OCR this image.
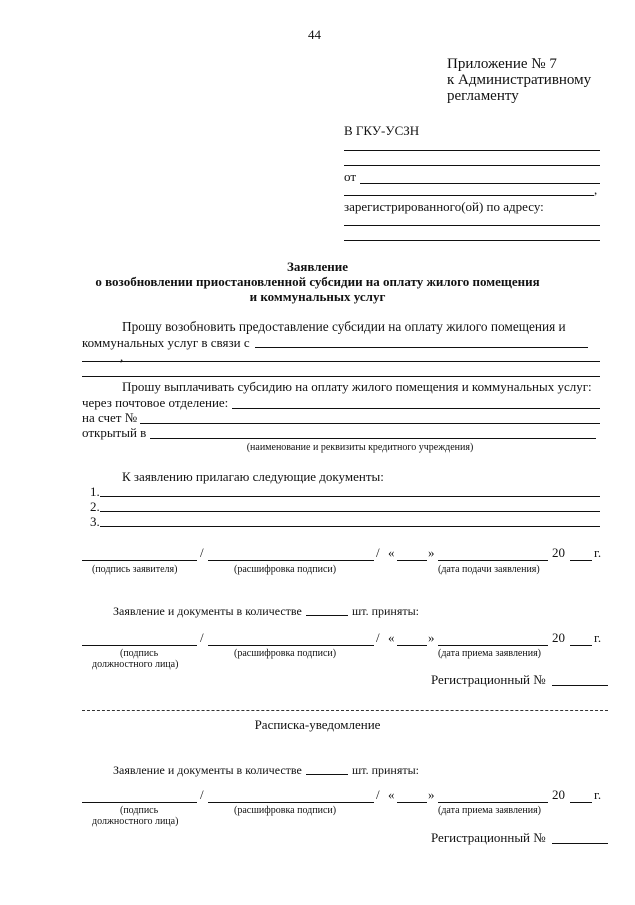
44
Приложение № 7
к Административному
регламенту
В ГКУ-УСЗН
от
,
зарегистрированного(ой) по адресу:
Заявление
о возобновлении приостановленной субсидии на оплату жилого помещения
и коммунальных услуг
Прошу возобновить предоставление субсидии на оплату жилого помещения и
коммунальных услуг в связи с
,
Прошу выплачивать субсидию на оплату жилого помещения и коммунальных услуг:
через почтовое отделение:
на счет №
открытый в
(наименование и реквизиты кредитного учреждения)
К заявлению прилагаю следующие документы:
1.
2.
3.
/	/ «	»	20 г.
(подпись заявителя)	(расшифровка подписи)	(дата подачи заявления)
Заявление и документы в количестве	шт. приняты:
/	/ «	»	20 г.
(подпись
должностного лица)
(расшифровка подписи)	(дата приема заявления)
Регистрационный №
Расписка-уведомление
Заявление и документы в количестве	шт. приняты:
/	/ «	»	20 г.
(подпись
должностного лица)
(расшифровка подписи)	(дата приема заявления)
Регистрационный №
